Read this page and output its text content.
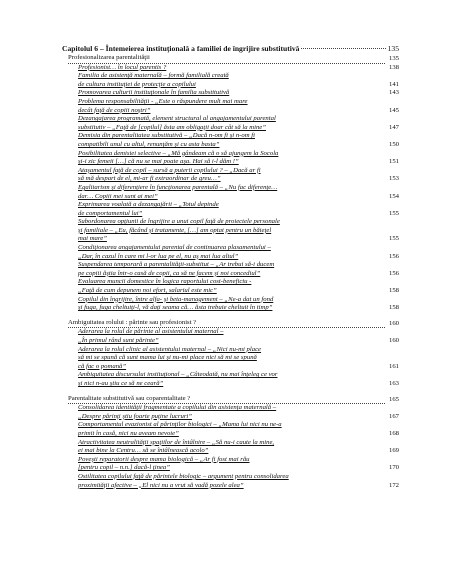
Capitolul 6 – Întemeierea instituţională a familiei de îngrijire substitutivă	135
Profesionalizarea parentalităţii	135
Profesionist… în locul parentis ?	138
Familia de asistenţă maternală – formă familială creată
de cultura instituţiei de protecţie a copilului	141
Promovarea culturii instituţionale în familia substitutivă	143
Problema responsabilităţii - „Este o răspundere mult mai mare
decât faţă de copiii noştri”	145
Dezangajarea programată, element structural al angajamentului parental
substitutiv – „Faţă de [copilul] ăsta am obligaţii doar cât să la mine”	147
Demisia din parentalitatea substitutivă – „Dacă n-om fi şi n-om fi
compatibili unul cu altul, renunţăm şi cu asta basta”	150
Posibilitatea demisiei selective – „Mă gândeam că o să ajungem la Socola
şi-i zic femeii […] că nu se mai poate aşa. Hai să i-l dăm !”	151
Ataşamentul faţă de copil – sursă a puterii copilului ? – „Dacă ar fi
să mă despart de el, mi-ar fi extraordinar de greu…”	153
Egalitarism şi diferenţiere în funcţionarea parentală – „Nu fac diferenţe…
dar… Copiii mei sunt ai mei”	154
Exprimarea voalată a dezangajării – „Totul depinde
de comportamentul lui”	155
Subordonarea opţiunii de îngrijire a unui copil faţă de proiectele personale
şi familiale – „Eu, făcând şi tratamente, […] am optat pentru un băieţel
mai mare”	155
Condiţionarea angajamentului parental de continuarea plasamentului –
„Dar, în cazul în care mi l-or lua pe el, nu aş mai lua altul”	156
Suspendarea temporară a parentalităţii-substitut – „Ar trebui să-i ducem
pe copiii ăştia într-o casă de copii, ca să ne facem şi noi concediul”	156
Evaluarea muncii domestice în logica raportului cost-beneficiu -
„Faţă de cum depunem noi efort, salariul este mic”	158
Copilul din îngrijire, între alfa- şi beta-management – „Ne-a dat un fond
şi fuga, fuga cheltuiţi-l, vă daţi seama că… ăsta trebuie cheltuit în timp”	158
Ambiguitatea rolului : părinte sau profesionist ?	160
Aderarea la rolul de părinte al asistentului maternal –
„În primul rând sunt părinte”	160
Aderarea la rolul clinic al asistentului maternal – „Nici nu-mi place
să mi se spună că sunt mama lui şi nu-mi place nici să mi se spună
că fac o pomană”	161
Ambiguitatea discursului instituţional – „Câteodată, nu mai înţeleg ce vor
şi nici n-au ştiu ce să ne ceară”	163
Parentalitate substitutivă sau coparentalitate ?	165
Consolidarea identităţii fragmentate a copilului din asistenţa maternală –
„Despre părinţi ştiu foarte puţine lucruri”	167
Comportamentul evazionist al părinţilor biologici – „Mama lui nici nu ne-a
primit în casă, nici nu aveam nevoie”	168
Atractivitatea neutralităţii spaţiilor de întâlnire – „Să nu-i caute la mine,
ei mai bine la Centru… să se întâlnească acolo”	169
Poveşti reparatorii despre mama biologică – „Ar fi fost mai rău
[pentru copil – n.n.] dacă-l ţinea”	170
Ostilitatea copilului faţă de părintele biologic – argument pentru consolidarea
proximităţii afective – „El nici nu a vrut să vadă pozele alea”	172
